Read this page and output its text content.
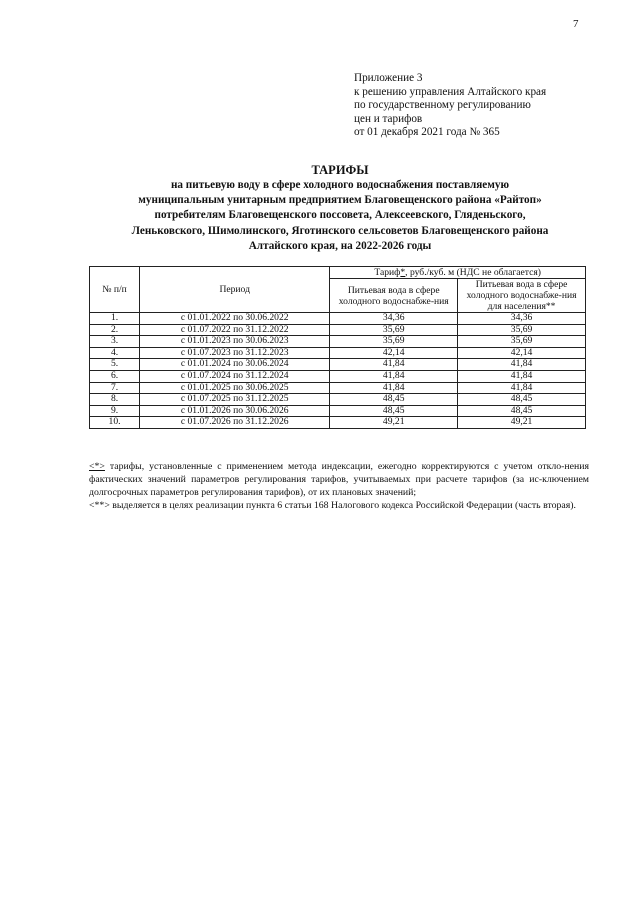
7
Приложение 3
к решению управления Алтайского края
по государственному регулированию
цен и тарифов
от 01 декабря 2021 года № 365
ТАРИФЫ
на питьевую воду в сфере холодного водоснабжения поставляемую
муниципальным унитарным предприятием Благовещенского района «Райтоп»
потребителям Благовещенского поссовета, Алексеевского, Гляденьского,
Леньковского, Шимолинского, Яготинского сельсоветов Благовещенского района
Алтайского края, на 2022-2026 годы
№ п/п	Период	Тариф*, руб./куб. м (НДС не облагается)	
		Питьевая вода в сфере холодного водоснабже-ния	Питьевая вода в сфере холодного водоснабже-ния для населения**
1.	с 01.01.2022 по 30.06.2022	34,36	34,36
2.	с 01.07.2022 по 31.12.2022	35,69	35,69
3.	с 01.01.2023 по 30.06.2023	35,69	35,69
4.	с 01.07.2023 по 31.12.2023	42,14	42,14
5.	с 01.01.2024 по 30.06.2024	41,84	41,84
6.	с 01.07.2024 по 31.12.2024	41,84	41,84
7.	с 01.01.2025 по 30.06.2025	41,84	41,84
8.	с 01.07.2025 по 31.12.2025	48,45	48,45
9.	с 01.01.2026 по 30.06.2026	48,45	48,45
10.	с 01.07.2026 по 31.12.2026	49,21	49,21

<*> тарифы, установленные с применением метода индексации, ежегодно корректируются с учетом откло-нения фактических значений параметров регулирования тарифов, учитываемых при расчете тарифов (за ис-ключением долгосрочных параметров регулирования тарифов), от их плановых значений;

<**> выделяется в целях реализации пункта 6 статьи 168 Налогового кодекса Российской Федерации (часть вторая).
